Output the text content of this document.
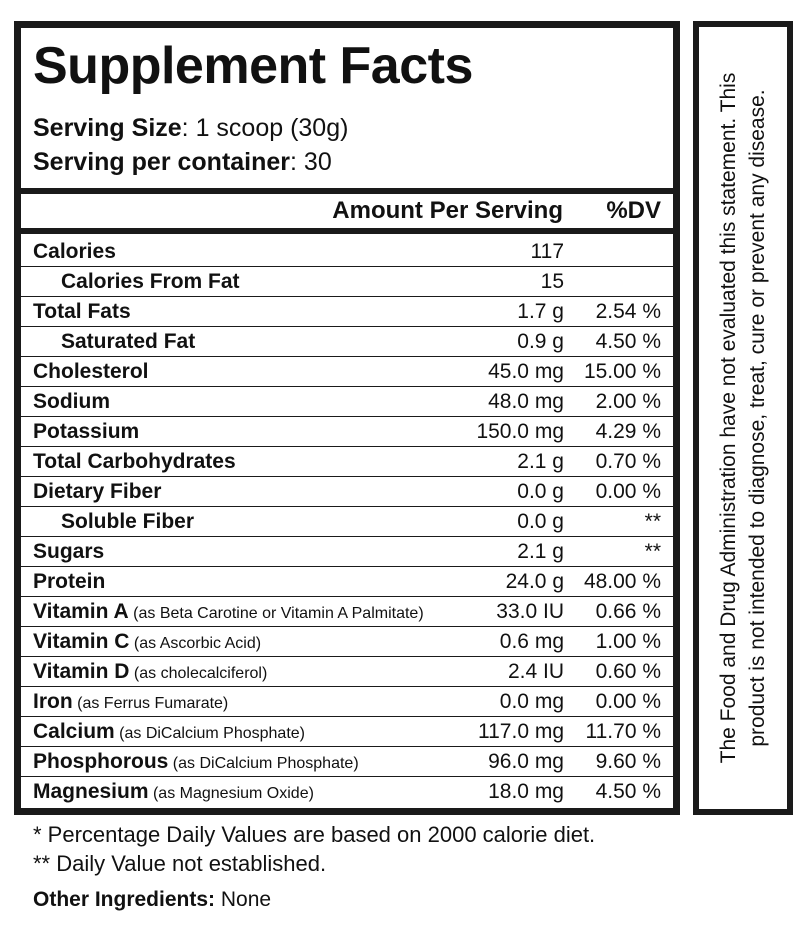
Supplement Facts
Serving Size: 1 scoop (30g)
Serving per container: 30
Amount Per Serving %DV
Calories	117
Calories From Fat	15
Total Fats	1.7 g 2.54 %
Saturated Fat	0.9 g 4.50 %
Cholesterol	45.0 mg 15.00 %
Sodium	48.0 mg 2.00 %
Potassium	150.0 mg 4.29 %
Total Carbohydrates	2.1 g 0.70 %
Dietary Fiber	0.0 g 0.00 %
Soluble Fiber	0.0 g	**
Sugars	2.1 g	**
Protein	24.0 g 48.00 %
Vitamin A (as Beta Carotine or Vitamin A Palmitate)	33.0 IU 0.66 %
Vitamin C (as Ascorbic Acid)	0.6 mg 1.00 %
Vitamin D (as cholecalciferol)	2.4 IU 0.60 %
Iron (as Ferrus Fumarate)	0.0 mg 0.00 %
Calcium (as DiCalcium Phosphate)	117.0 mg 11.70 %
Phosphorous (as DiCalcium Phosphate)	96.0 mg 9.60 %
Magnesium (as Magnesium Oxide)	18.0 mg 4.50 %
The Food and Drug Administration have not evaluated this statement. This product is not intended to diagnose, treat, cure or prevent any disease.
* Percentage Daily Values are based on 2000 calorie diet.
** Daily Value not established.
Other Ingredients: None
